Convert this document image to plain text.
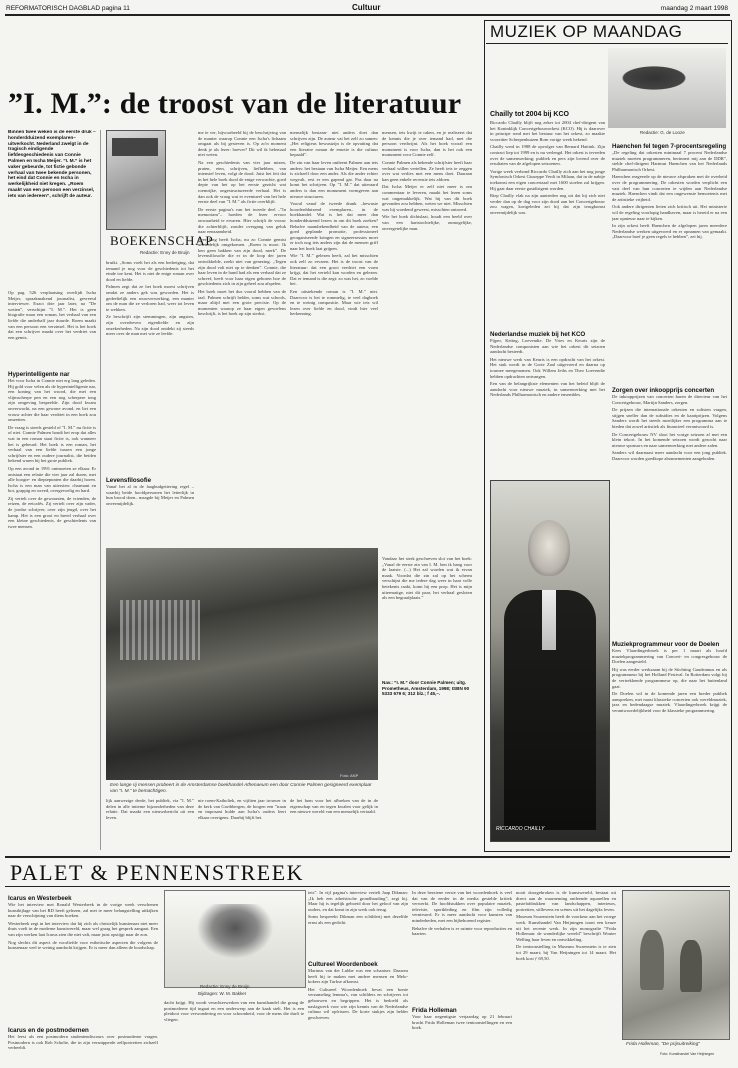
REFORMATORISCH DAGBLAD pagina 11	Cultuur	maandag 2 maart 1998
”I. M.”: de troost van de literatuur
Binnen twee weken is de eerste druk –honderdduizend exemplaren– uitverkocht. Nederland zwelgt in de tragisch eindigende liefdesgeschiedenis van Connie Palmen en Ischa Meijer. ”I. M.” is het vaker gebeurde, tot fictie gebonde verhaal van twee bekende personen, het eind dat Connie en Ischa in werkelijkheid niet kregen. „Roem maakt van een persoon een verzinsel, iets van iedereen”, schrijft de auteur.
Op pag. 526 verplaatsing overlijdt Ischa Meijer, spraakmakend journalist, gevreesd interviewer. Exact drie jaar later, na ”De wetten”, verschijnt ”I. M.”. Het is geen biografie maar een roman, het verhaal van een liefde die anderhalf jaar duurde. Roem maakt van een persoon een verzinsel. Het is het boek dat een schrijver maakt over het verdriet van een gemis.
Hyperintelligente nar

Het voor Ischa in Connie niet erg lang geleden. Hij gold voor velen als de hyperintelligente nar, een koning van het woord, die met een vlijmscherpe pen en een nog scherpere tong zijn omgeving bespeelde. Zijn dood kwam onverwacht, na een gewone avond, en liet een vrouw achter die haar verdriet in een boek zou omzetten.

De vraag is steeds gesteld of ”I. M.” nu fictie is of niet. Connie Palmen houdt het erop dat alles wat in een roman staat fictie is, ook wanneer het is gebeurd. Het boek is een roman, het verhaal van een liefde tussen een jonge schrijfster en een oudere journalist, die beiden bekend waren bij het grote publiek.

Op een avond in 1991 ontmoeten ze elkaar. Er ontstaat een relatie die vier jaar zal duren, met alle hoogte- en dieptepunten die daarbij horen. Ischa is een man van uitersten: charmant en bot, grappig en wreed, overgevoelig en hard.

Zij vertelt over de gewoonten, de vrienden, de reizen, de eetcafés. Zij vertelt over zijn vader, de joodse schrijver, over zijn jeugd, over het kamp. Het is een groot en breed verhaal over een kleine geschiedenis, de geschiedenis van twee mensen.

BOEKENSCHAP
Redactie: Enny de Bruijn

bruikt. „Soms voelt het als een bedreiging, dat iemand je nog voor de geschiedenis tot het einde toe kent. Het is niet de enige roman over dood en liefde.

Palmen zegt dat ze het boek moest schrijven omdat ze anders gek was geworden. Het is gedeeltelijk een rouwverwerking, een manier om de man die ze verloren had, weer tot leven te wekken.

Ze beschrijft zijn stemmingen, zijn angsten, zijn overdreven eigenliefde en zijn onzekerheden. Na zijn dood ontdekt zij steeds meer over de man met wie ze leefde.

Levensfilosofie

Vanaf het al in de laagbudgettering regel –waarbij beide hoofdpersonen het letterlijk in hun brood doen– maagde bij Meijer en Palmen onvermijdelijk.

me te ver, bijvoorbeeld bij de beschrijving van de manier waarop Connie een Ischa's lichaam omgaat als bij gesteven is. Op zo'n moment denk je als lezer: hoever? Dit wil ik helemaal niet weten.

Na een geschiedenis van vier jaar mizen, praten, eten, schrijven, liefhebben, van intensief leven, volgt de dood. Juist het feit dat in het hele boek dood de enige verwachte, goed depte van het op het eerste gezicht wat roemrijke, ongestructureerde verhaal. Het is dan ook de vraag wat er eventueel van het hele eerste deel van ”I. M.” als fictie overblijft.

De eerste pagina's van het tweede deel –”In memoriam”– hoeden de lezer ervoor onwaarheid te ervaren. Hier schrijft de vrouw die achterblijft, zonder overgang van geluk naar eenzaamheid.

Zeer lang heeft Ischa, nu zo Connie gemist uiteindelijk omgekomen. „Roem is mooi. Ik ken geen bakken van zijn dood, merk”. De levensfilosofie die er in de loop der jaren ontwikkelde, zoekt niet van genezing. „Tegen zijn dood valt niet op te denken”. Connie, die haar leven in de hand had als een verhaal dat ze schreef, heeft voor haar eigen geboren hoe de geschiedenis zich in zijn geheel zou afspelen.

Het boek moet het dus vooral hebben van de taal. Palmen schrijft helder, soms wat schools, maar altijd met een grote precisie. Op de momenten waarop ze haar eigen gevoelens beschrijft, is het boek op zijn sterkst.

menselijk bestaan- niet anders doet dan schrijven zijn. De auteur vat het zelf zo samen: „Het religieus bewustzijn is de opvatting dat een literaire roman de emotie is die cultuur bepaald”.

De zin van haar leven ontleent Palmen aan iets anders: het bestaan van Ischa Meijer. Een mens is zichzelf door een ander. Als die ander echter wegvalt, rest er een gapend gat. Pas daar na komt het schrijven. Op ”I. M.” dat uiteraard anders is dan een monument vormgeven aan nieuwe structuren.

Vooral vanaf de tweede drank –bewuste hoorderdduizend exemplaren– in de boekhandel. Wat is het dat meer dan honderdduizend lezers in om dit boek zoeken? Behalve naambekendheid van de auteur, een goed geplande promotie, professioneel georganiseerde kringen en signeersessies moet er toch nog iets anders zijn dat de mensen griff naar het boek laat grijpen.

Wie ”I. M.” gelezen heeft, zal het misschien ook zelf zo ervaren. Het is de troost van de literatuur: dat een groot verdriet een vorm krijgt, dat het verteld kan worden en gelezen. Dat er iemand is die zegt: zo was het, zo voelde het.

Een uitstekende roman is ”I. M.” niet. Daarvoor is het te rommelig, te veel dagboek en te weinig compositie. Maar wie iets wil lezen over liefde en dood, vindt hier veel herkenning.

mensen, iets kwijt te raken, en je realiseert dat de kennis die je over iemand had, met die persoon verdwijnt. Als het boek vooral een monument is voor Ischa, dan is het ook een monument voor Connie zelf.

Connie Palmen als bekende schrijfster heeft haar verhaal willen vertellen. Ze heeft iets te zeggen over wat verlies met een mens doet. Daaraan kan geen enkele recensie iets afdoen.

Dat Ischa Meijer er zelf niet meer is om commentaar te leveren, maakt het lezen soms wat ongemakkelijk. Wat hij van dit boek gevonden zou hebben, weten we niet. Misschien was hij woedend geweest, misschien ontroerd.

Wie het boek dichtslaat, houdt een beeld over van een hartstochtelijke, onmogelijke, onvergetelijke man.

Vandaar het sterk geschreven slot van het boek: „Vanaf de eerste zin van I. M. ben ik bang voor de laatste. (...) Het zal worden wat ik ervan maak. Voordat die zin zal op het scherm verschijnt die me iedere dag weer in haar volle betekenis raakt, komt hij een prop. Het is mijn uitermatige, niet dit paar, het verhaal gesloten als een begraafplaats.”

Nav.: ”I. M.” door Connie Palmen; uitg. Prometheus, Amsterdam, 1998; ISBN 90 5333 679 6; 312 blz.; f 45,–.
Foto: ANP
Een lange rij mensen probeert in de Amsterdamse boekhandel Athenaeum een door Connie Palmen gesigneerd exemplaar van ”I. M.” te bemachtigen.

lijk aanwezige derde, het publiek, via ”I. M.” delen in alle intieme bijzonderheden van deze relatie. Dat maakt een nieuwsbericht uit een leven.

nie roem-Katholiek, en vijftien jaar trouwer in de kerk van Gortbbergen, de borgen een ”traan en imposant hulde aan Ischa's ouders leert elkaar overigens. Daarbij blijft het.

de het hom voor het afbreken van de in de eigenschap van en tegen kwalen voor gelijk in een nieuwe wereld van een menselijk vertaald.

MUZIEK OP MAANDAG
Redactie: G. de Looze
Chailly tot 2004 bij KCO

Riccardo Chailly blijft nog zeker tot 2004 chef-dirigent van het Koninklijk Concertgebouworkest (KCO). Hij is daarover in principe rond met het bestuur van het orkest, zo maakte voorzitter Scherpenhuizen Rom vorige week bekend.

Chailly werd in 1988 de opvolger van Bernard Haitink. Zijn contract liep tot 1999 en is nu verlengd. Het orkest is tevreden over de samenwerking; publiek en pers zijn lovend over de resultaten van de afgelopen seizoenen.

Vorige week verbond Riccardo Chailly zich aan het nog jonge Symfonisch Orkest Giuseppe Verdi in Milaan, dat in de nabije toekomst een eigen concertzaal met 1600 stoelen zal krijgen. Hij gaat daar eerste gastdirigent worden.

Riep Chailly vlak na zijn aantreden nog uit dat hij zich niet verder dan op de dag voor zijn dood aan het Concertgebouw zou wagen, kortgeleden zei hij dat zijn terugkomst onvermijdelijk was.

Nederlandse muziek bij het KCO

Pijper, Keting, Loevendie. De Vries en Keuris zijn de Nederlandse componisten aan wie het orkest dit seizoen aandacht besteedt.

Het nieuwe werk van Keuris is een opdracht van het orkest. Het stuk wordt in de Grote Zaal uitgevoerd en daarna op tournee meegenomen. Ook Willem Jeths en Theo Loevendie hebben opdrachten ontvangen.

Een van de belangrijkste elementen van het beleid blijft de aandacht voor nieuwe muziek, in samenwerking met het Nederlands Philharmonisch en andere ensembles.

RICCARDO CHAILLY
Haenchen fel tegen 7-procentsregeling

„De regeling dat orkesten minimaal 7 procent Nederlandse muziek moeten programmeren, herinnert mij aan de DDR”, stelde chef-dirigent Hartmut Haenchen van het Nederlands Philharmonisch Orkest.

Haenchen reageerde op de nieuwe afspraken met de overheid over de programmering. De orkesten worden verplicht een vast deel van hun concerten te wijden aan Nederlandse muziek. Haenchen vindt dat een ongewenste bemoeienis met de artistieke vrijheid.

Ook andere dirigenten lieten zich kritisch uit. Het ministerie wil de regeling voorlopig handhaven, maar is bereid er na een jaar opnieuw naar te kijken.

In zijn orkest heeft Haenchen de afgelopen jaren meerdere Nederlandse werken uitgevoerd en er opnamen van gemaakt. „Daarvoor hoef je geen regels te hebben”, zei hij.

Zorgen over inkoopprijs concerten

De inkoopprijzen van concerten baren de directeur van het Concertgebouw, Martijn Sanders, zorgen.

De prijzen die internationale orkesten en solisten vragen, stijgen sneller dan de subsidies en de kaartprijzen. Volgens Sanders wordt het steeds moeilijker een programma aan te bieden dat zowel artistiek als financieel verantwoord is.

De Concertgebouw NV sloot het vorige seizoen af met een klein tekort. In het komende seizoen wordt gezocht naar nieuwe sponsors en naar samenwerking met andere zalen.

Sanders wil daarnaast meer aandacht voor een jong publiek. Daarvoor worden goedkope abonnementen aangeboden.

Muziekprogrammeur voor de Doelen

Kees Vlaardingerbroek is per 1 maart als hoofd muziekprogrammering van Concert- en congresgebouw de Doelen aangesteld.

Hij was eerder werkzaam bij de Stichting Gaudeamus en als programmeur bij het Holland Festival. In Rotterdam volgt hij de vertrekkende programmeur op, die naar het buitenland gaat.

De Doelen wil in de komende jaren een breder publiek aanspreken, met naast klassieke concerten ook wereldmuziek, jazz en hedendaagse muziek. Vlaardingerbroek krijgt de verantwoordelijkheid voor de klassieke programmering.

PALET & PENNENSTREEK
Icarus en Westerbeek

Wie het interview met Ronald Westerbeek in de vorige week verschenen kunstbijlage van het RD heeft gelezen, zal met te meer belangstelling uitkijken naar de verschijning van diens boeken.

Westerbeek zegt in het interview dat hij zich als christelijk kunstenaar niet meer thuis voelt in de moderne kunstwereld, maar wel graag het gesprek aangaat. Een van zijn werken laat Icarus zien die niet valt, maar juist opstijgt naar de zon.

Nog slechts dit aspect de voorliefde voor esthetische aspecten die volgens de kunstenaar veel te weinig aandacht krijgen. Er is meer dan alleen de boodschap.

Icarus en de postmodernen

Het leest als een postmodern studentendiscours over postmoderne vragen. Postmodern is ook Rob Scholte, die in zijn versnipperde zelfportretten zichzelf verbeeldt.

Redactie: Enny de Bruijn
Bijdragen: W. M. Bakker

dacht krijgt. Hij wordt verachterwerken van een kunsthandel die graag de postmoderne tijd ingaat en een onderwerp aan de kaak stelt. Het is een pleidooi voor verwondering en voor schoonheid, voor de mens die durft te vliegen.

iets”. In vijf pagina's interview vertelt Jaap Dikman: „Ik heb een atheïstische grondhouding”, zegt hij. Maar hij is tegelijk geboeid door het geloof van zijn ouders, en dat komt in zijn werk ook terug.

Soms bespreekt Dikman een schilderij met dezelfde ernst als een gedicht.

Cultureel Woordenboek

Marinus van der Lubbe was een schaatser. Daarom heeft hij te maken met andere mensen en Melo- kokers zijn Turkse afkomst.

Het Cultureel Woordenboek bevat een bonte verzameling lemma's, van schilders en schrijvers tot gebouwen en begrippen. Het is bedoeld als naslagwerk voor wie zijn kennis van de Nederlandse cultuur wil opfrissen. De korte stukjes zijn helder geschreven.

In deze herziene versie van het woordenboek is veel dat van de eerder in de media gestelde kritiek verwerkt. De hoofdstukken over populaire muziek, televisie, sportkleding en film zijn volledig vernieuwd. Er is meer aandacht voor kunsten van minderheden, met een bijbehorend register.

Behalve de verhalen is er ruimte voor reproducties en kaarten.

Frida Holleman

Voor haar negentigste verjaardag op 21 februari bracht Frida Holleman twee tentoonstellingen en een boek.

nooit doorgebroken is de kunstwereld, bestaat uit direct aan de waarneming ontleende aquarellen en pastelafdrukken van landschappen, interieurs, portretten, stillevens en scènes uit het dagelijks leven.

Museum Swaenstein heeft de voorkeur aan het vroege werk. Kunsthandel Van Heijningen toont een keuze uit het recente werk. In zijn monografie ”Frida Holleman: de wonderlijke wereld” beschrijft Wouter Welling haar leven en ontwikkeling.

De tentoonstelling in Museum Swaenstein is te zien tot 29 maart; bij Van Heijningen tot 14 maart. Het boek kost ƒ 69,50.

Frida Holleman, ”De prijsuitreiking”
Foto: Kunsthandel Van Heijningen
